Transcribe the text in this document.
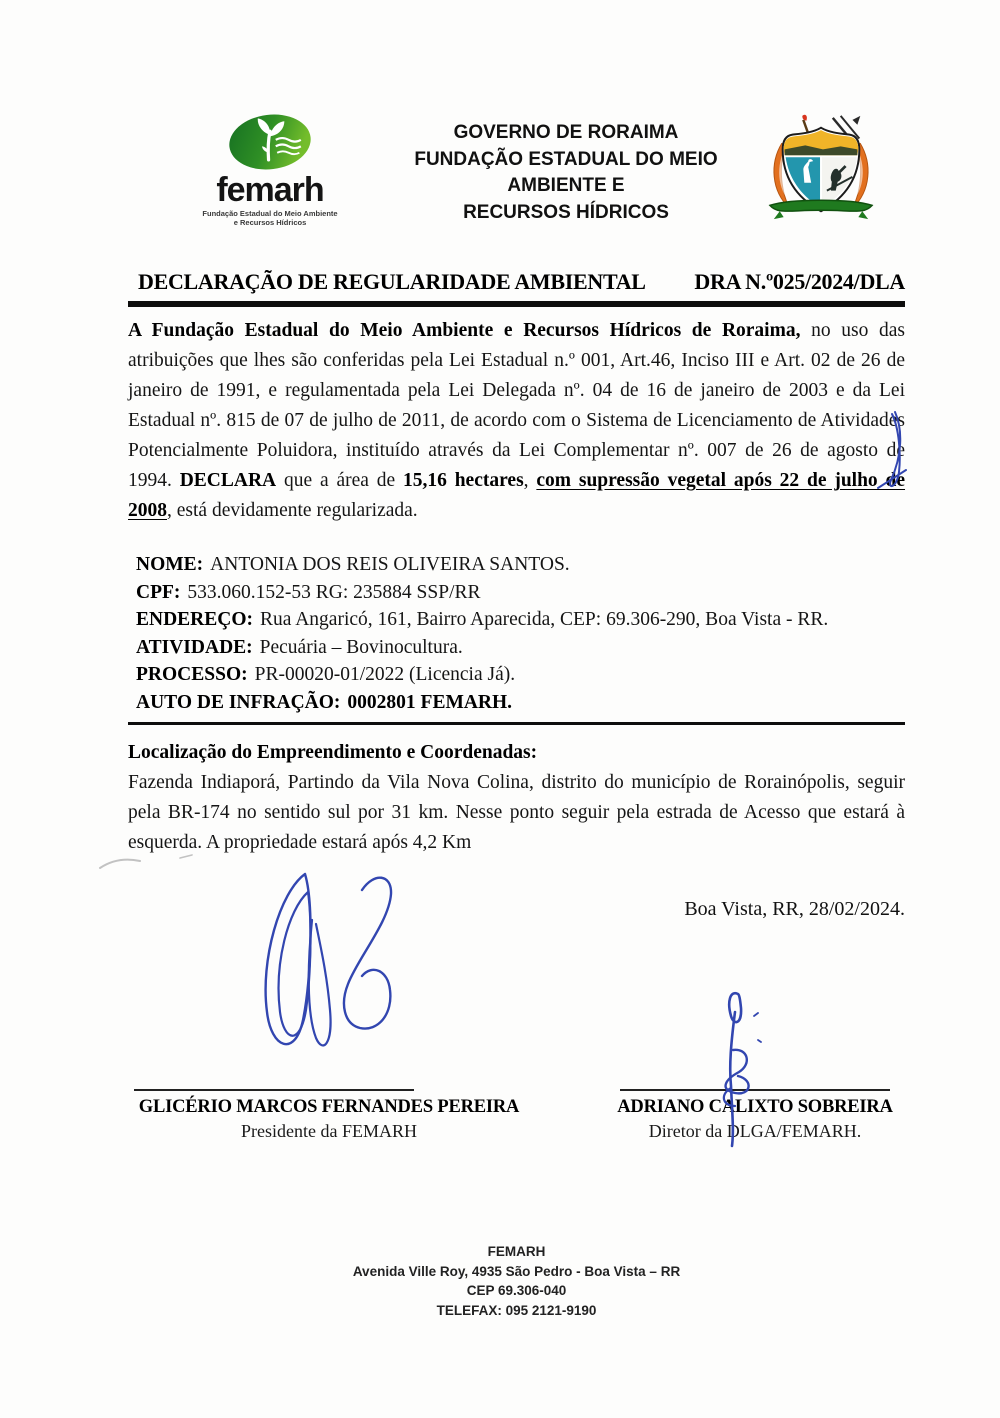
femarh
Fundação Estadual do Meio Ambiente
e Recursos Hídricos
GOVERNO DE RORAIMA
FUNDAÇÃO ESTADUAL DO MEIO AMBIENTE E
RECURSOS HÍDRICOS
DECLARAÇÃO DE REGULARIDADE AMBIENTAL DRA N.º025/2024/DLA

A Fundação Estadual do Meio Ambiente e Recursos Hídricos de Roraima, no uso das atribuições que lhes são conferidas pela Lei Estadual n.º 001, Art.46, Inciso III e Art. 02 de 26 de janeiro de 1991, e regulamentada pela Lei Delegada nº. 04 de 16 de janeiro de 2003 e da Lei Estadual nº. 815 de 07 de julho de 2011, de acordo com o Sistema de Licenciamento de Atividades Potencialmente Poluidora, instituído através da Lei Complementar nº. 007 de 26 de agosto de 1994. DECLARA que a área de 15,16 hectares, com supressão vegetal após 22 de julho de 2008, está devidamente regularizada.

NOME: ANTONIA DOS REIS OLIVEIRA SANTOS.
CPF: 533.060.152-53 RG: 235884 SSP/RR
ENDEREÇO: Rua Angaricó, 161, Bairro Aparecida, CEP: 69.306-290, Boa Vista - RR.
ATIVIDADE: Pecuária – Bovinocultura.
PROCESSO: PR-00020-01/2022 (Licencia Já).
AUTO DE INFRAÇÃO: 0002801 FEMARH.
Localização do Empreendimento e Coordenadas:

Fazenda Indiaporá, Partindo da Vila Nova Colina, distrito do município de Rorainópolis, seguir pela BR-174 no sentido sul por 31 km. Nesse ponto seguir pela estrada de Acesso que estará à esquerda. A propriedade estará após 4,2 Km

Boa Vista, RR, 28/02/2024.
GLICÉRIO MARCOS FERNANDES PEREIRA
Presidente da FEMARH
ADRIANO CALIXTO SOBREIRA
Diretor da DLGA/FEMARH.
FEMARH
Avenida Ville Roy, 4935 São Pedro - Boa Vista – RR
CEP 69.306-040
TELEFAX: 095 2121-9190
